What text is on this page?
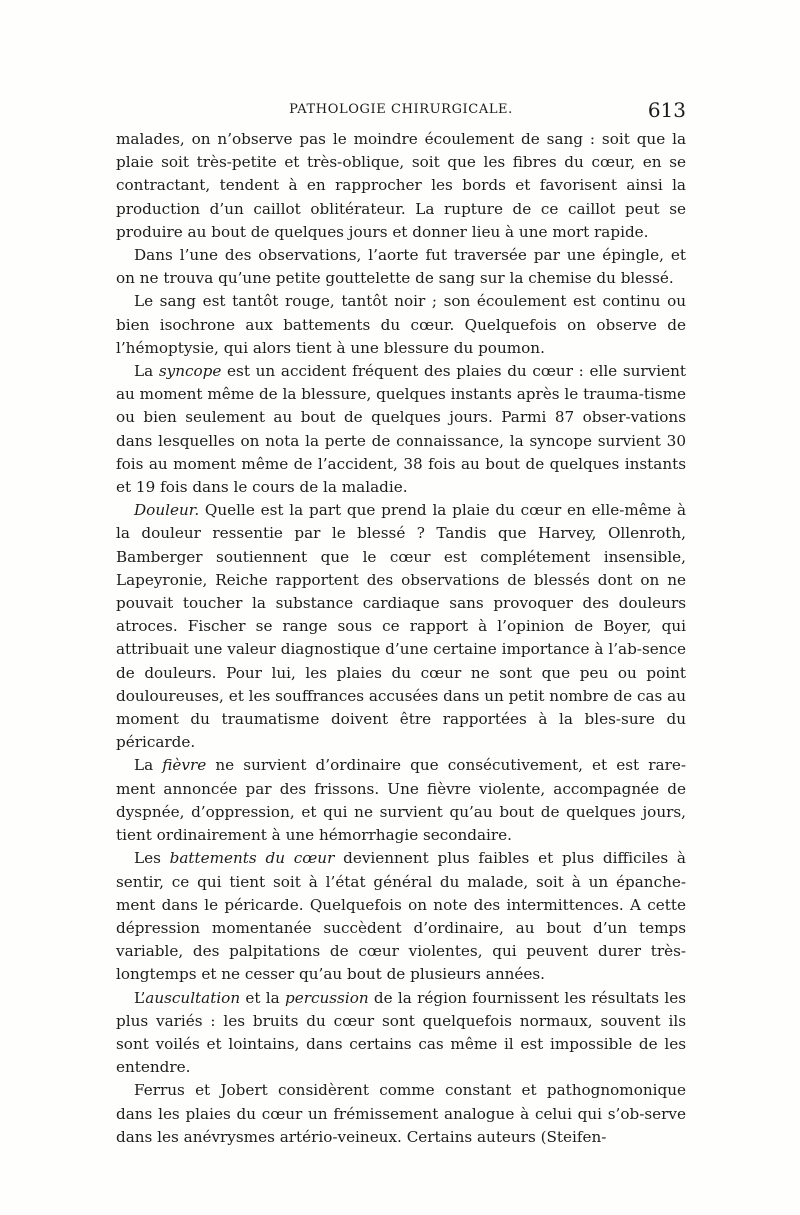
PATHOLOGIE CHIRURGICALE.	613

malades, on n’observe pas le moindre écoulement de sang : soit que la plaie soit très-petite et très-oblique, soit que les fibres du cœur, en se contractant, tendent à en rapprocher les bords et favorisent ainsi la production d’un caillot oblitérateur. La rupture de ce caillot peut se produire au bout de quelques jours et donner lieu à une mort rapide.

Dans l’une des observations, l’aorte fut traversée par une épingle, et on ne trouva qu’une petite gouttelette de sang sur la chemise du blessé.

Le sang est tantôt rouge, tantôt noir ; son écoulement est continu ou bien isochrone aux battements du cœur. Quelquefois on observe de l’hémoptysie, qui alors tient à une blessure du poumon.

La syncope est un accident fréquent des plaies du cœur : elle survient au moment même de la blessure, quelques instants après le trauma-tisme ou bien seulement au bout de quelques jours. Parmi 87 obser-vations dans lesquelles on nota la perte de connaissance, la syncope survient 30 fois au moment même de l’accident, 38 fois au bout de quelques instants et 19 fois dans le cours de la maladie.

Douleur. Quelle est la part que prend la plaie du cœur en elle-même à la douleur ressentie par le blessé ? Tandis que Harvey, Ollenroth, Bamberger soutiennent que le cœur est complétement insensible, Lapeyronie, Reiche rapportent des observations de blessés dont on ne pouvait toucher la substance cardiaque sans provoquer des douleurs atroces. Fischer se range sous ce rapport à l’opinion de Boyer, qui attribuait une valeur diagnostique d’une certaine importance à l’ab-sence de douleurs. Pour lui, les plaies du cœur ne sont que peu ou point douloureuses, et les souffrances accusées dans un petit nombre de cas au moment du traumatisme doivent être rapportées à la bles-sure du péricarde.

La fièvre ne survient d’ordinaire que consécutivement, et est rare-ment annoncée par des frissons. Une fièvre violente, accompagnée de dyspnée, d’oppression, et qui ne survient qu’au bout de quelques jours, tient ordinairement à une hémorrhagie secondaire.

Les battements du cœur deviennent plus faibles et plus difficiles à sentir, ce qui tient soit à l’état général du malade, soit à un épanche-ment dans le péricarde. Quelquefois on note des intermittences. A cette dépression momentanée succèdent d’ordinaire, au bout d’un temps variable, des palpitations de cœur violentes, qui peuvent durer très-longtemps et ne cesser qu’au bout de plusieurs années.

L’auscultation et la percussion de la région fournissent les résultats les plus variés : les bruits du cœur sont quelquefois normaux, souvent ils sont voilés et lointains, dans certains cas même il est impossible de les entendre.

Ferrus et Jobert considèrent comme constant et pathognomonique dans les plaies du cœur un frémissement analogue à celui qui s’ob-serve dans les anévrysmes artério-veineux. Certains auteurs (Steifen-
